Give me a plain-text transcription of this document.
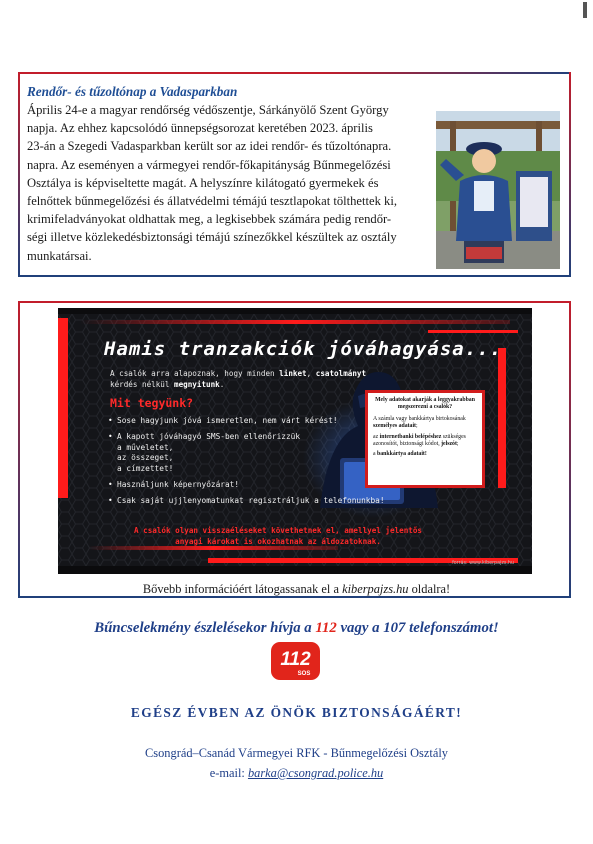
Rendőr- és tűzoltónap a Vadasparkban
Április 24-e a magyar rendőrség védőszentje, Sárkányölő Szent György
napja. Az ehhez kapcsolódó ünnepségsorozat keretében 2023. április
23-án a Szegedi Vadasparkban került sor az idei rendőr- és tűzoltónapra.
napra. Az eseményen a vármegyei rendőr-főkapitányság Bűnmegelőzési
Osztálya is képviseltette magát. A helyszínre kilátogató gyermekek és
felnőttek bűnmegelőzési és állatvédelmi témájú tesztlapokat tölthettek ki,
krimifeladványokat oldhattak meg, a legkisebbek számára pedig rendőr-
ségi illetve közlekedésbiztonsági témájú színezőkkel készültek az osztály
munkatársai.
Hamis tranzakciók jóváhagyása...
A csalók arra alapoznak, hogy minden linket, csatolmányt kérdés nélkül megnyitunk.
Mit tegyünk?
• Sose hagyjunk jóvá ismeretlen, nem várt kérést!
• A kapott jóváhagyó SMS-ben ellenőrizzük
a műveletet,
az összeget,
a címzettet!
• Használjunk képernyőzárat!
• Csak saját ujjlenyomatunkat regisztráljuk a telefonunkba!
A csalók olyan visszaéléseket követhetnek el, amellyel jelentős anyagi károkat is okozhatnak az áldozatoknak.
forrás: www.kiberpajzs.hu
Mely adatokat akarják a leggyakrabban megszerezni a csalók?

A számla vagy bankkártya birtokosának személyes adatait;

az internetbanki belépéshez szükséges azonosítót, biztonsági kódot, jelszót;

a bankkártya adatait!

Bővebb információért látogassanak el a kiberpajzs.hu oldalra!
Bűncselekmény észlelésekor hívja a 112 vagy a 107 telefonszámot!
112
SOS
EGÉSZ ÉVBEN AZ ÖNÖK BIZTONSÁGÁÉRT!
Csongrád–Csanád Vármegyei RFK - Bűnmegelőzési Osztály
e-mail: barka@csongrad.police.hu
